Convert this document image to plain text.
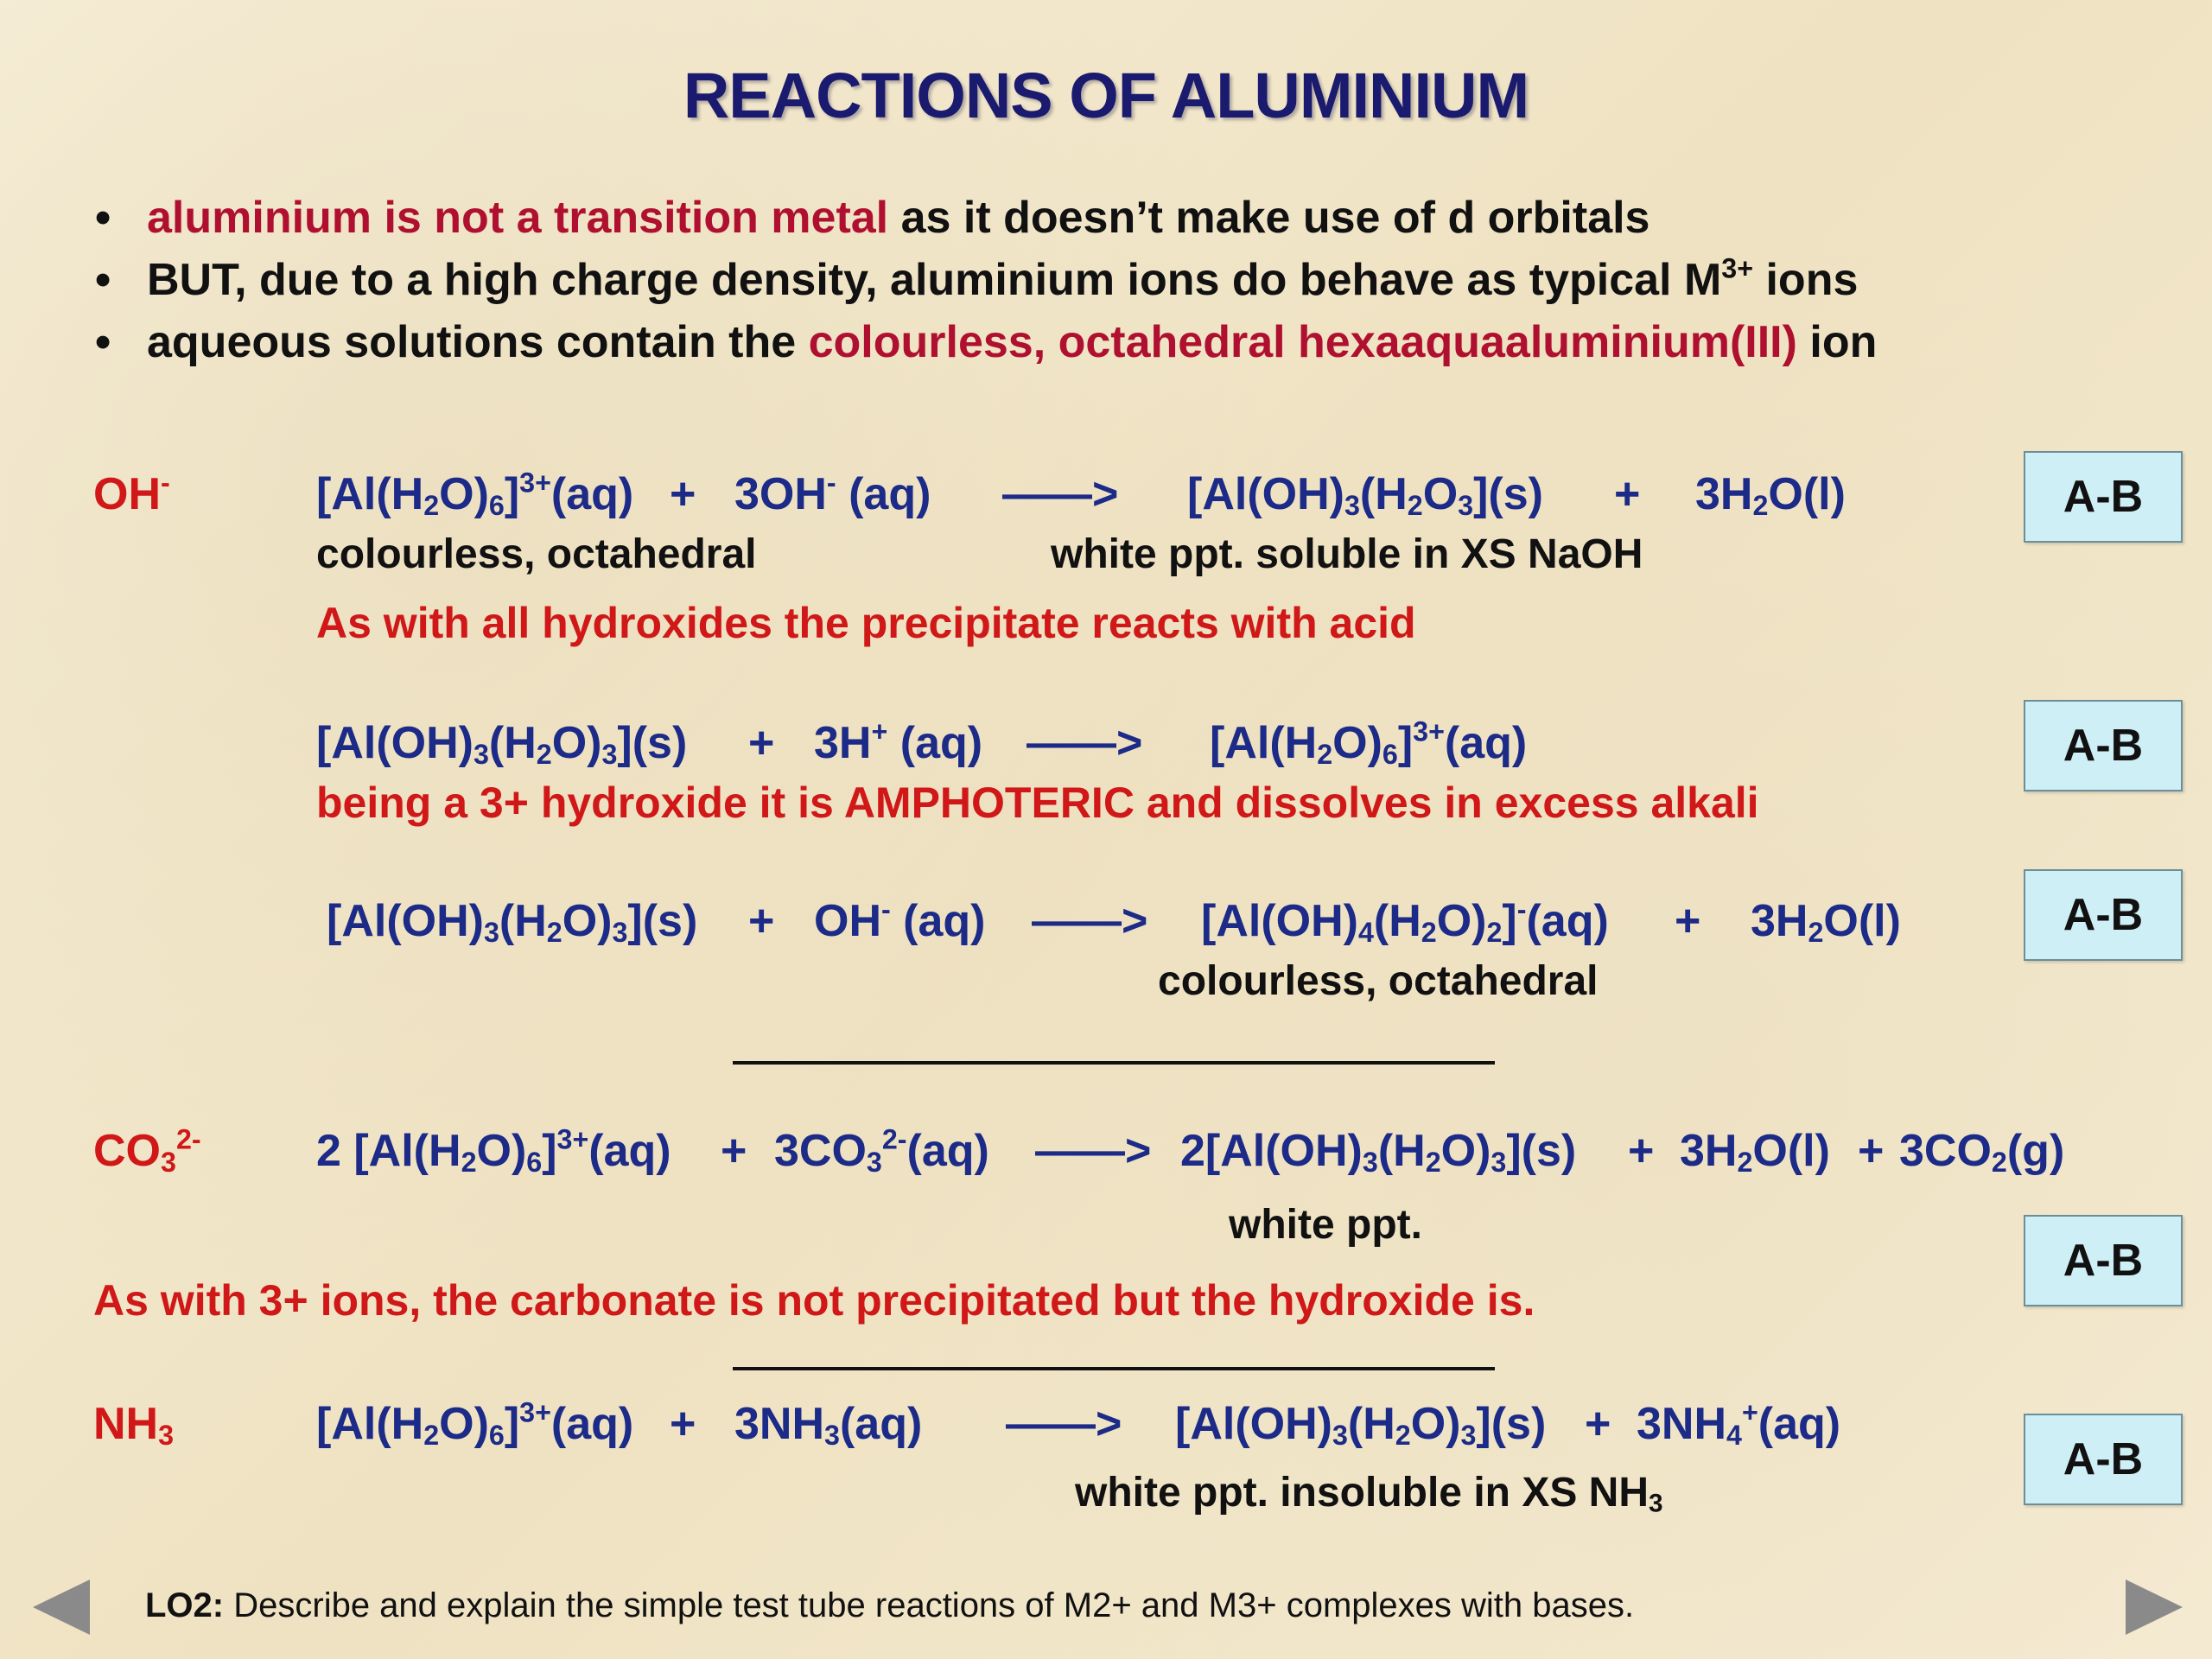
REACTIONS OF ALUMINIUM
• aluminium is not a transition metal as it doesn’t make use of d orbitals
• BUT, due to a high charge density, aluminium ions do behave as typical $M^{3+}$ ions
• aqueous solutions contain the colourless, octahedral hexaaquaaluminium(III) ion
OH-	$[Al(H_2O)_6]^{3+}(aq) + 3OH^-$ (aq) ——> [$Al(OH)_3(H_2O_3](s) + 3H_2O(l)$
colourless, octahedral	white ppt. soluble in XS NaOH
As with all hydroxides the precipitate reacts with acid
A-B
$[Al(OH)_3(H_2O)_3](s) + 3H^+$ (aq) ——> $[Al(H_2O)_6]^{3+}(aq)$
being a 3+ hydroxide it is AMPHOTERIC and dissolves in excess alkali
A-B
$[Al(OH)_3(H_2O)_3](s) + OH^-$ (aq) ——> $[Al(OH)_4(H_2O)_2]^-(aq) + 3H_2O(l)$
colourless, octahedral
A-B
$CO_3^{2-}$	2 $[Al(H_2O)_6]^{3+}(aq) + 3CO_3^{2-}(aq)$ ——> $2[Al(OH)_3(H_2O)_3](s) + 3H_2O(l) + 3CO_2(g)$
white ppt.
As with 3+ ions, the carbonate is not precipitated but the hydroxide is.
A-B
$NH_3$	$[Al(H_2O)_6]^{3+}(aq) + 3NH_3(aq)$ ——> $[Al(OH)_3(H_2O)_3](s) + 3NH_4^+(aq)$
white ppt. insoluble in XS $NH_3$
A-B
LO2: Describe and explain the simple test tube reactions of M2+ and M3+ complexes with bases.
